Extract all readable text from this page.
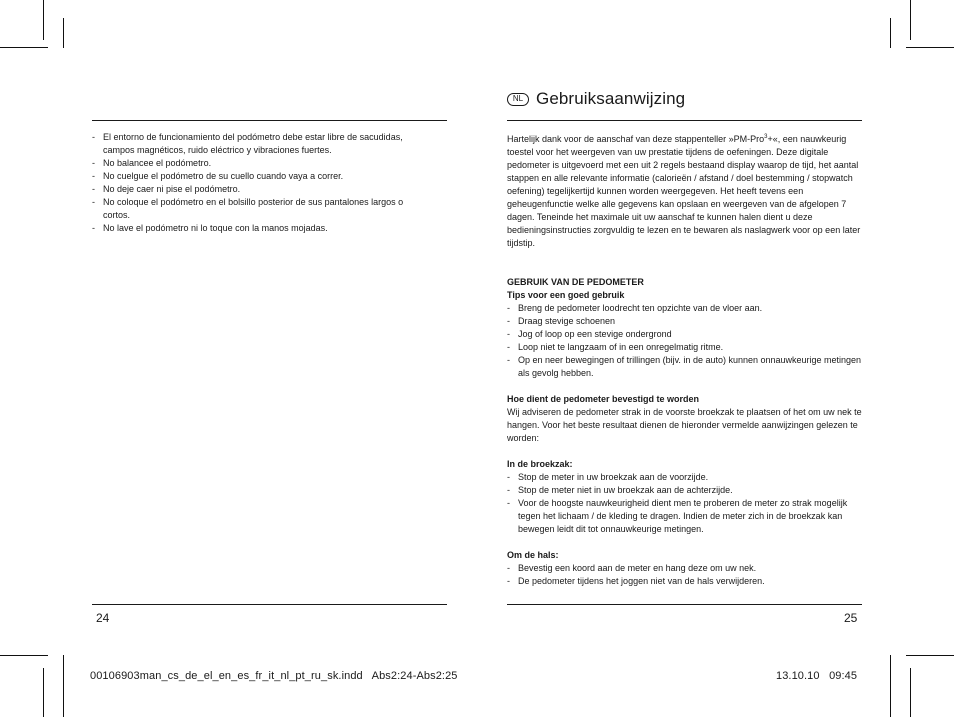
- El entorno de funcionamiento del podómetro debe estar libre de sacudidas, campos magnéticos, ruido eléctrico y vibraciones fuertes.
- No balancee el podómetro.
- No cuelgue el podómetro de su cuello cuando vaya a correr.
- No deje caer ni pise el podómetro.
- No coloque el podómetro en el bolsillo posterior de sus pantalones largos o cortos.
- No lave el podómetro ni lo toque con la manos mojadas.
24
NL Gebruiksaanwijzing

Hartelijk dank voor de aanschaf van deze stappenteller »PM-Pro$^3$+«, een nauwkeurig toestel voor het weergeven van uw prestatie tijdens de oefeningen. Deze digitale pedometer is uitgevoerd met een uit 2 regels bestaand display waarop de tijd, het aantal stappen en alle relevante informatie (calorieën / afstand / doel bestemming / stopwatch oefening) tegelijkertijd kunnen worden weergegeven. Het heeft tevens een geheugenfunctie welke alle gegevens kan opslaan en weergeven van de afgelopen 7 dagen. Teneinde het maximale uit uw aanschaf te kunnen halen dient u deze bedieningsinstructies zorgvuldig te lezen en te bewaren als naslagwerk voor op een later tijdstip.

GEBRUIK VAN DE PEDOMETER
Tips voor een goed gebruik
- Breng de pedometer loodrecht ten opzichte van de vloer aan.
- Draag stevige schoenen
- Jog of loop op een stevige ondergrond
- Loop niet te langzaam of in een onregelmatig ritme.
- Op en neer bewegingen of trillingen (bijv. in de auto) kunnen onnauwkeurige metingen als gevolg hebben.
Hoe dient de pedometer bevestigd te worden

Wij adviseren de pedometer strak in de voorste broekzak te plaatsen of het om uw nek te hangen. Voor het beste resultaat dienen de hieronder vermelde aanwijzingen gelezen te worden:

In de broekzak:
- Stop de meter in uw broekzak aan de voorzijde.
- Stop de meter niet in uw broekzak aan de achterzijde.
- Voor de hoogste nauwkeurigheid dient men te proberen de meter zo strak mogelijk tegen het lichaam / de kleding te dragen. Indien de meter zich in de broekzak kan bewegen leidt dit tot onnauwkeurige metingen.
Om de hals:
- Bevestig een koord aan de meter en hang deze om uw nek.
- De pedometer tijdens het joggen niet van de hals verwijderen.
25
00106903man_cs_de_el_en_es_fr_it_nl_pt_ru_sk.indd   Abs2:24-Abs2:25	13.10.10   09:45
